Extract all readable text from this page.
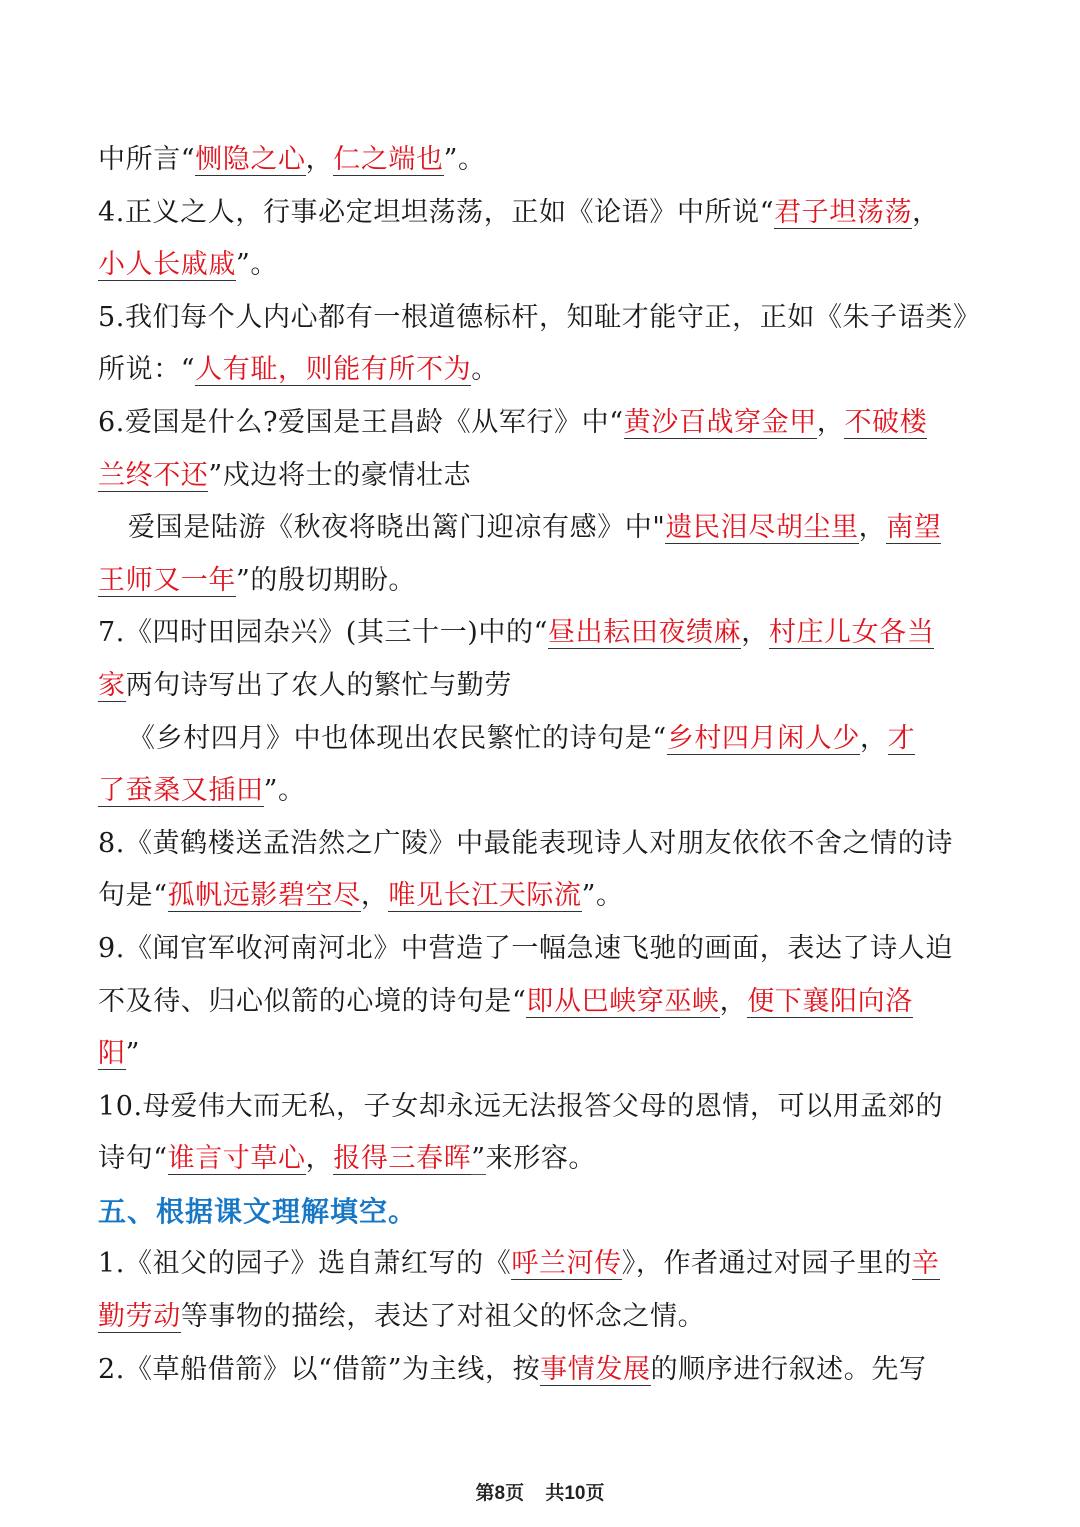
中所言“恻隐之心，仁之端也”。
4.正义之人，行事必定坦坦荡荡，正如《论语》中所说“君子坦荡荡，
小人长戚戚”。
5.我们每个人内心都有一根道德标杆，知耻才能守正，正如《朱子语类》
所说：“人有耻，则能有所不为。
6.爱国是什么?爱国是王昌龄《从军行》中“黄沙百战穿金甲，不破楼
兰终不还”戍边将士的豪情壮志
爱国是陆游《秋夜将晓出篱门迎凉有感》中"遗民泪尽胡尘里，南望
王师又一年”的殷切期盼。
7.《四时田园杂兴》(其三十一)中的“昼出耘田夜绩麻，村庄儿女各当
家两句诗写出了农人的繁忙与勤劳
《乡村四月》中也体现出农民繁忙的诗句是“乡村四月闲人少，才
了蚕桑又插田”。
8.《黄鹤楼送孟浩然之广陵》中最能表现诗人对朋友依依不舍之情的诗
句是“孤帆远影碧空尽，唯见长江天际流”。
9.《闻官军收河南河北》中营造了一幅急速飞驰的画面，表达了诗人迫
不及待、归心似箭的心境的诗句是“即从巴峡穿巫峡，便下襄阳向洛
阳”
10.母爱伟大而无私，子女却永远无法报答父母的恩情，可以用孟郊的
诗句“谁言寸草心，报得三春晖”来形容。
五、根据课文理解填空。
1.《祖父的园子》选自萧红写的《呼兰河传》，作者通过对园子里的辛
勤劳动等事物的描绘，表达了对祖父的怀念之情。
2.《草船借箭》以“借箭”为主线，按事情发展的顺序进行叙述。先写
第8页 共10页
